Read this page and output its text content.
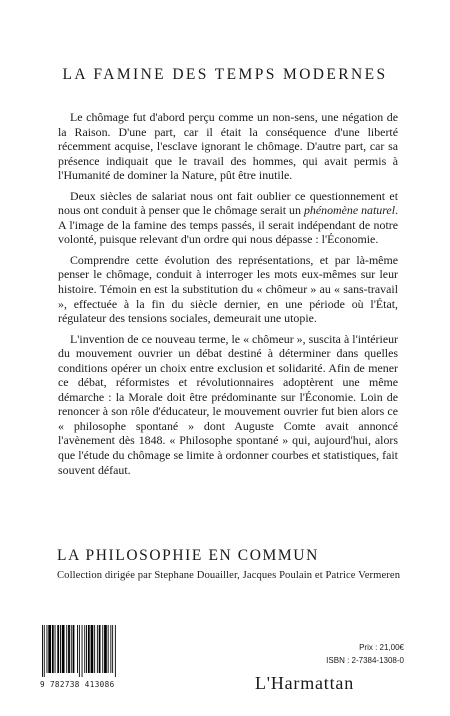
LA FAMINE DES TEMPS MODERNES

Le chômage fut d'abord perçu comme un non-sens, une négation de la Raison. D'une part, car il était la conséquence d'une liberté récemment acquise, l'esclave ignorant le chômage. D'autre part, car sa présence indiquait que le travail des hommes, qui avait permis à l'Humanité de dominer la Nature, pût être inutile.

Deux siècles de salariat nous ont fait oublier ce questionnement et nous ont conduit à penser que le chômage serait un phénomène naturel. A l'image de la famine des temps passés, il serait indépendant de notre volonté, puisque relevant d'un ordre qui nous dépasse : l'Économie.

Comprendre cette évolution des représentations, et par là-même penser le chômage, conduit à interroger les mots eux-mêmes sur leur histoire. Témoin en est la substitution du « chômeur » au « sans-travail », effectuée à la fin du siècle dernier, en une période où l'État, régulateur des tensions sociales, demeurait une utopie.

L'invention de ce nouveau terme, le « chômeur », suscita à l'intérieur du mouvement ouvrier un débat destiné à déterminer dans quelles conditions opérer un choix entre exclusion et solidarité. Afin de mener ce débat, réformistes et révolutionnaires adoptèrent une même démarche : la Morale doit être prédominante sur l'Économie. Loin de renoncer à son rôle d'éducateur, le mouvement ouvrier fut bien alors ce « philosophe spontané » dont Auguste Comte avait annoncé l'avènement dès 1848. « Philosophe spontané » qui, aujourd'hui, alors que l'étude du chômage se limite à ordonner courbes et statistiques, fait souvent défaut.

LA PHILOSOPHIE EN COMMUN
Collection dirigée par Stephane Douailler, Jacques Poulain et Patrice Vermeren
9 782738 413086
Prix : 21,00€
ISBN : 2-7384-1308-0
L'Harmattan
